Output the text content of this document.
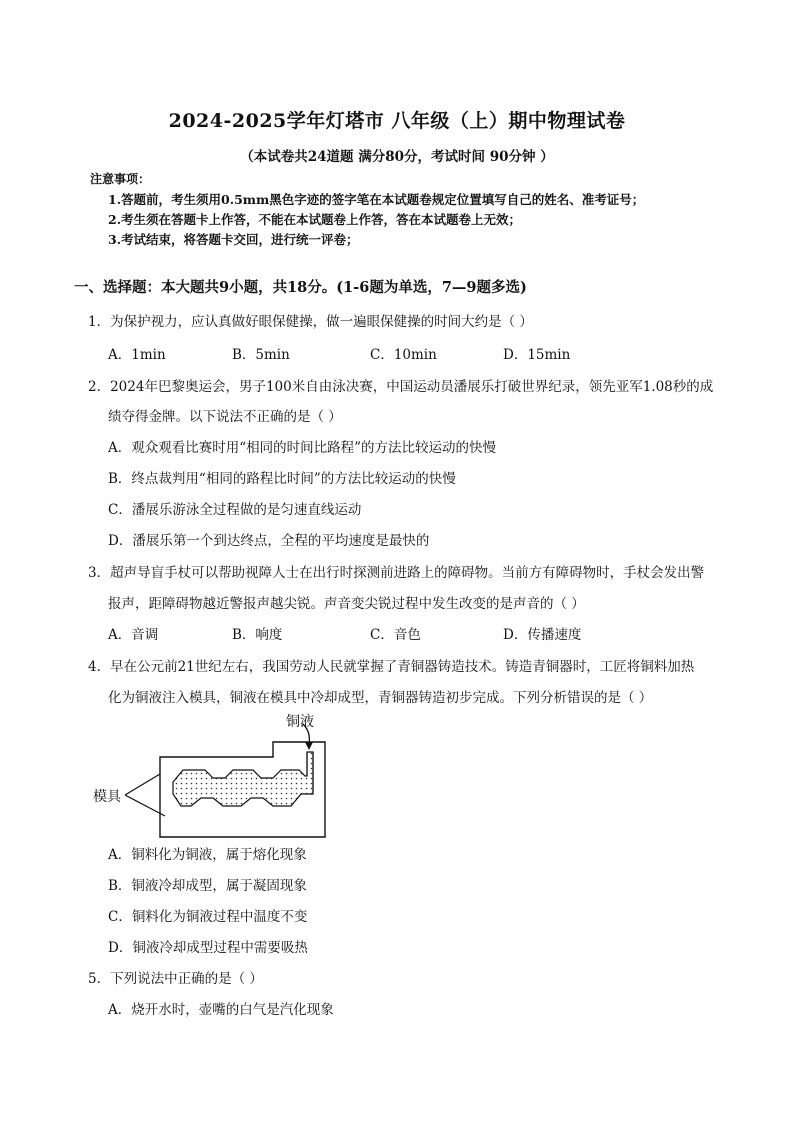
2024-2025学年灯塔市 八年级（上）期中物理试卷
（本试卷共24道题 满分80分，考试时间 90分钟 ）
注意事项：
1.答题前，考生须用0.5mm黑色字迹的签字笔在本试题卷规定位置填写自己的姓名、准考证号；
2.考生须在答题卡上作答，不能在本试题卷上作答，答在本试题卷上无效；
3.考试结束，将答题卡交回，进行统一评卷；
一、选择题：本大题共9小题，共18分。(1-6题为单选，7—9题多选)
1．为保护视力，应认真做好眼保健操，做一遍眼保健操的时间大约是（ ）
A．1min	B．5min	C．10min	D．15min
2．2024年巴黎奥运会，男子100米自由泳决赛，中国运动员潘展乐打破世界纪录，领先亚军1.08秒的成
绩夺得金牌。以下说法不正确的是（ ）
A．观众观看比赛时用“相同的时间比路程”的方法比较运动的快慢
B．终点裁判用“相同的路程比时间”的方法比较运动的快慢
C．潘展乐游泳全过程做的是匀速直线运动
D．潘展乐第一个到达终点，全程的平均速度是最快的
3．超声导盲手杖可以帮助视障人士在出行时探测前进路上的障碍物。当前方有障碍物时，手杖会发出警
报声，距障碍物越近警报声越尖锐。声音变尖锐过程中发生改变的是声音的（ ）
A．音调	B．响度	C．音色	D．传播速度
4．早在公元前21世纪左右，我国劳动人民就掌握了青铜器铸造技术。铸造青铜器时，工匠将铜料加热
化为铜液注入模具，铜液在模具中冷却成型，青铜器铸造初步完成。下列分析错误的是（ ）
铜液
模具
A．铜料化为铜液，属于熔化现象
B．铜液冷却成型，属于凝固现象
C．铜料化为铜液过程中温度不变
D．铜液冷却成型过程中需要吸热
5．下列说法中正确的是（ ）
A．烧开水时，壶嘴的白气是汽化现象
